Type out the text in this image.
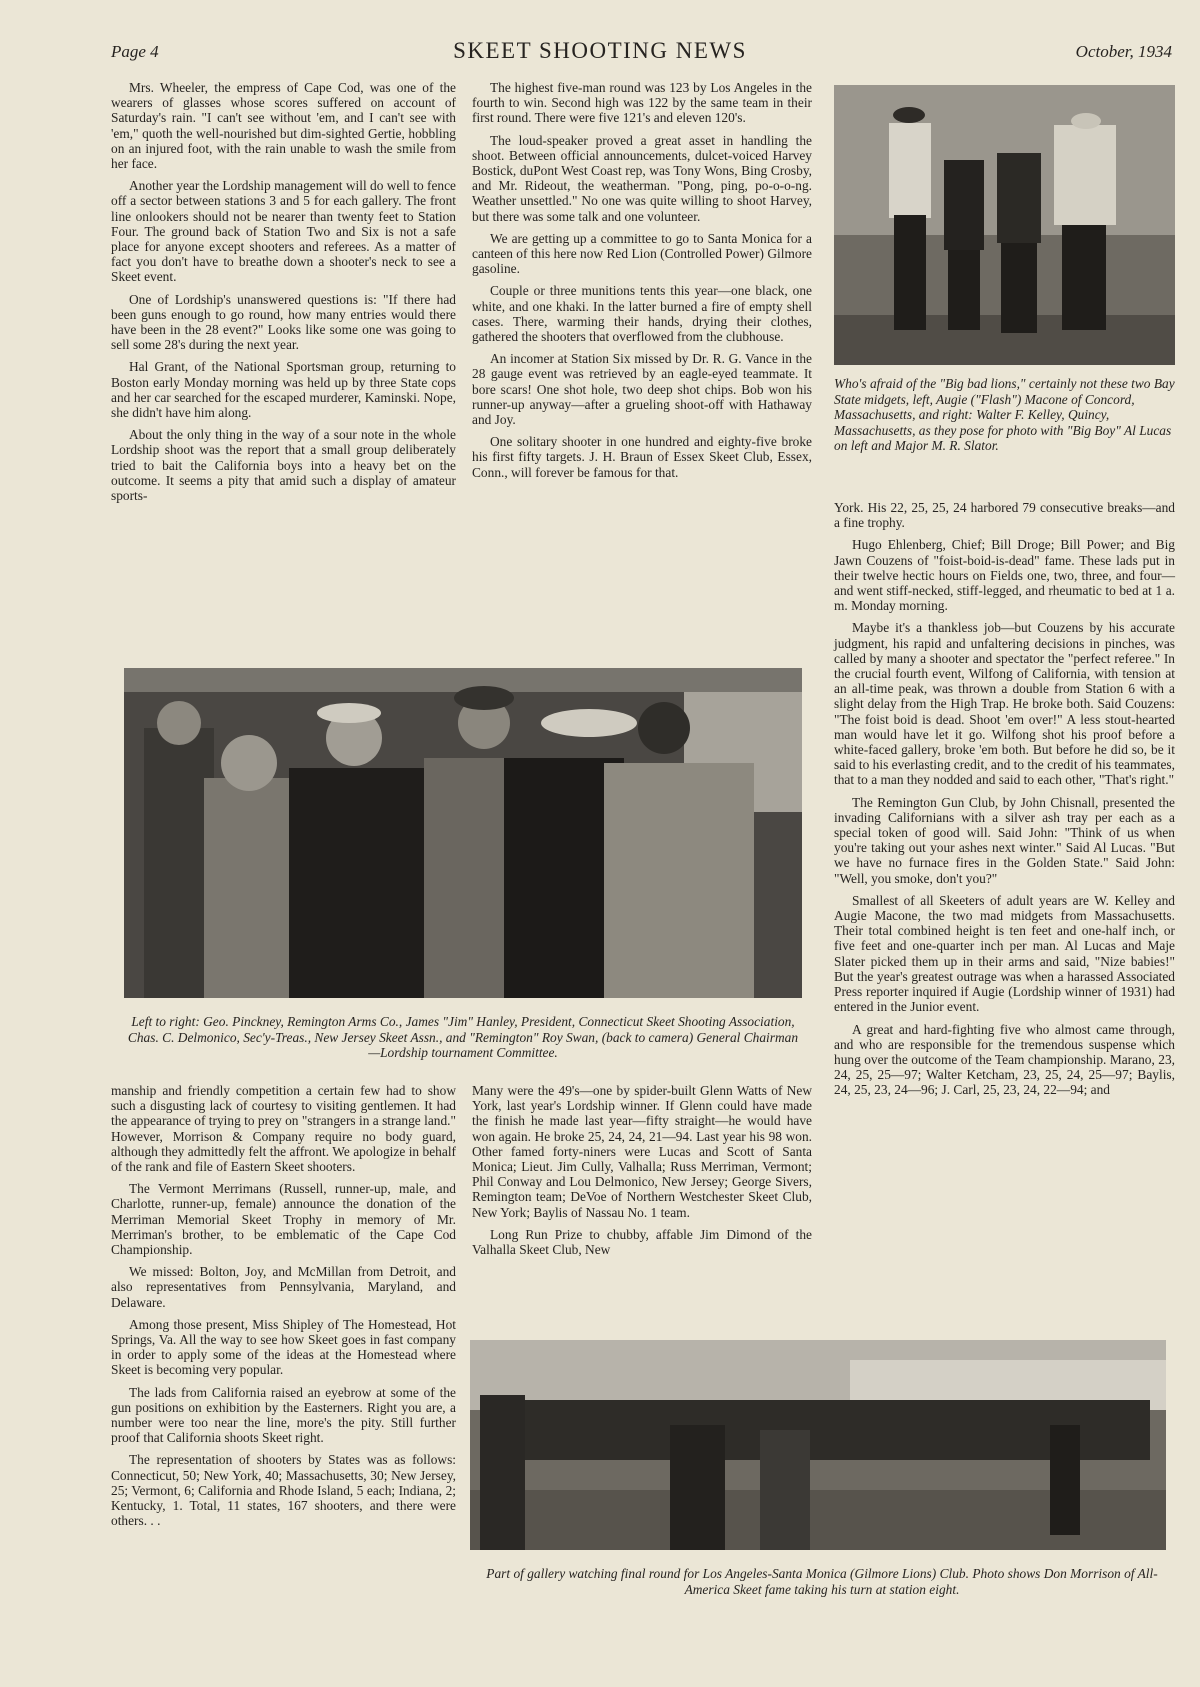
Page 4	SKEET SHOOTING NEWS	October, 1934

Mrs. Wheeler, the empress of Cape Cod, was one of the wearers of glasses whose scores suffered on account of Saturday's rain. "I can't see without 'em, and I can't see with 'em," quoth the well-nourished but dim-sighted Gertie, hobbling on an injured foot, with the rain unable to wash the smile from her face.

Another year the Lordship management will do well to fence off a sector between stations 3 and 5 for each gallery. The front line onlookers should not be nearer than twenty feet to Station Four. The ground back of Station Two and Six is not a safe place for anyone except shooters and referees. As a matter of fact you don't have to breathe down a shooter's neck to see a Skeet event.

One of Lordship's unanswered questions is: "If there had been guns enough to go round, how many entries would there have been in the 28 event?" Looks like some one was going to sell some 28's during the next year.

Hal Grant, of the National Sportsman group, returning to Boston early Monday morning was held up by three State cops and her car searched for the escaped murderer, Kaminski. Nope, she didn't have him along.

About the only thing in the way of a sour note in the whole Lordship shoot was the report that a small group deliberately tried to bait the California boys into a heavy bet on the outcome. It seems a pity that amid such a display of amateur sports-

The highest five-man round was 123 by Los Angeles in the fourth to win. Second high was 122 by the same team in their first round. There were five 121's and eleven 120's.

The loud-speaker proved a great asset in handling the shoot. Between official announcements, dulcet-voiced Harvey Bostick, duPont West Coast rep, was Tony Wons, Bing Crosby, and Mr. Rideout, the weatherman. "Pong, ping, po-o-o-ng. Weather unsettled." No one was quite willing to shoot Harvey, but there was some talk and one volunteer.

We are getting up a committee to go to Santa Monica for a canteen of this here now Red Lion (Controlled Power) Gilmore gasoline.

Couple or three munitions tents this year—one black, one white, and one khaki. In the latter burned a fire of empty shell cases. There, warming their hands, drying their clothes, gathered the shooters that overflowed from the clubhouse.

An incomer at Station Six missed by Dr. R. G. Vance in the 28 gauge event was retrieved by an eagle-eyed teammate. It bore scars! One shot hole, two deep shot chips. Bob won his runner-up anyway—after a grueling shoot-off with Hathaway and Joy.

One solitary shooter in one hundred and eighty-five broke his first fifty targets. J. H. Braun of Essex Skeet Club, Essex, Conn., will forever be famous for that.

Who's afraid of the "Big bad lions," certainly not these two Bay State midgets, left, Augie ("Flash") Macone of Concord, Massachusetts, and right: Walter F. Kelley, Quincy, Massachusetts, as they pose for photo with "Big Boy" Al Lucas on left and Major M. R. Slator.

York. His 22, 25, 25, 24 harbored 79 consecutive breaks—and a fine trophy.

Hugo Ehlenberg, Chief; Bill Droge; Bill Power; and Big Jawn Couzens of "foist-boid-is-dead" fame. These lads put in their twelve hectic hours on Fields one, two, three, and four—and went stiff-necked, stiff-legged, and rheumatic to bed at 1 a. m. Monday morning.

Maybe it's a thankless job—but Couzens by his accurate judgment, his rapid and unfaltering decisions in pinches, was called by many a shooter and spectator the "perfect referee." In the crucial fourth event, Wilfong of California, with tension at an all-time peak, was thrown a double from Station 6 with a slight delay from the High Trap. He broke both. Said Couzens: "The foist boid is dead. Shoot 'em over!" A less stout-hearted man would have let it go. Wilfong shot his proof before a white-faced gallery, broke 'em both. But before he did so, be it said to his everlasting credit, and to the credit of his teammates, that to a man they nodded and said to each other, "That's right."

The Remington Gun Club, by John Chisnall, presented the invading Californians with a silver ash tray per each as a special token of good will. Said John: "Think of us when you're taking out your ashes next winter." Said Al Lucas. "But we have no furnace fires in the Golden State." Said John: "Well, you smoke, don't you?"

Smallest of all Skeeters of adult years are W. Kelley and Augie Macone, the two mad midgets from Massachusetts. Their total combined height is ten feet and one-half inch, or five feet and one-quarter inch per man. Al Lucas and Maje Slater picked them up in their arms and said, "Nize babies!" But the year's greatest outrage was when a harassed Associated Press reporter inquired if Augie (Lordship winner of 1931) had entered in the Junior event.

A great and hard-fighting five who almost came through, and who are responsible for the tremendous suspense which hung over the outcome of the Team championship. Marano, 23, 24, 25, 25—97; Walter Ketcham, 23, 25, 24, 25—97; Baylis, 24, 25, 23, 24—96; J. Carl, 25, 23, 24, 22—94; and

Left to right: Geo. Pinckney, Remington Arms Co., James "Jim" Hanley, President, Connecticut Skeet Shooting Association, Chas. C. Delmonico, Sec'y-Treas., New Jersey Skeet Assn., and "Remington" Roy Swan, (back to camera) General Chairman—Lordship tournament Committee.

manship and friendly competition a certain few had to show such a disgusting lack of courtesy to visiting gentlemen. It had the appearance of trying to prey on "strangers in a strange land." However, Morrison & Company require no body guard, although they admittedly felt the affront. We apologize in behalf of the rank and file of Eastern Skeet shooters.

The Vermont Merrimans (Russell, runner-up, male, and Charlotte, runner-up, female) announce the donation of the Merriman Memorial Skeet Trophy in memory of Mr. Merriman's brother, to be emblematic of the Cape Cod Championship.

We missed: Bolton, Joy, and McMillan from Detroit, and also representatives from Pennsylvania, Maryland, and Delaware.

Among those present, Miss Shipley of The Homestead, Hot Springs, Va. All the way to see how Skeet goes in fast company in order to apply some of the ideas at the Homestead where Skeet is becoming very popular.

The lads from California raised an eyebrow at some of the gun positions on exhibition by the Easterners. Right you are, a number were too near the line, more's the pity. Still further proof that California shoots Skeet right.

The representation of shooters by States was as follows: Connecticut, 50; New York, 40; Massachusetts, 30; New Jersey, 25; Vermont, 6; California and Rhode Island, 5 each; Indiana, 2; Kentucky, 1. Total, 11 states, 167 shooters, and there were others. . .

Many were the 49's—one by spider-built Glenn Watts of New York, last year's Lordship winner. If Glenn could have made the finish he made last year—fifty straight—he would have won again. He broke 25, 24, 24, 21—94. Last year his 98 won. Other famed forty-niners were Lucas and Scott of Santa Monica; Lieut. Jim Cully, Valhalla; Russ Merriman, Vermont; Phil Conway and Lou Delmonico, New Jersey; George Sivers, Remington team; DeVoe of Northern Westchester Skeet Club, New York; Baylis of Nassau No. 1 team.

Long Run Prize to chubby, affable Jim Dimond of the Valhalla Skeet Club, New

Part of gallery watching final round for Los Angeles-Santa Monica (Gilmore Lions) Club. Photo shows Don Morrison of All-America Skeet fame taking his turn at station eight.
